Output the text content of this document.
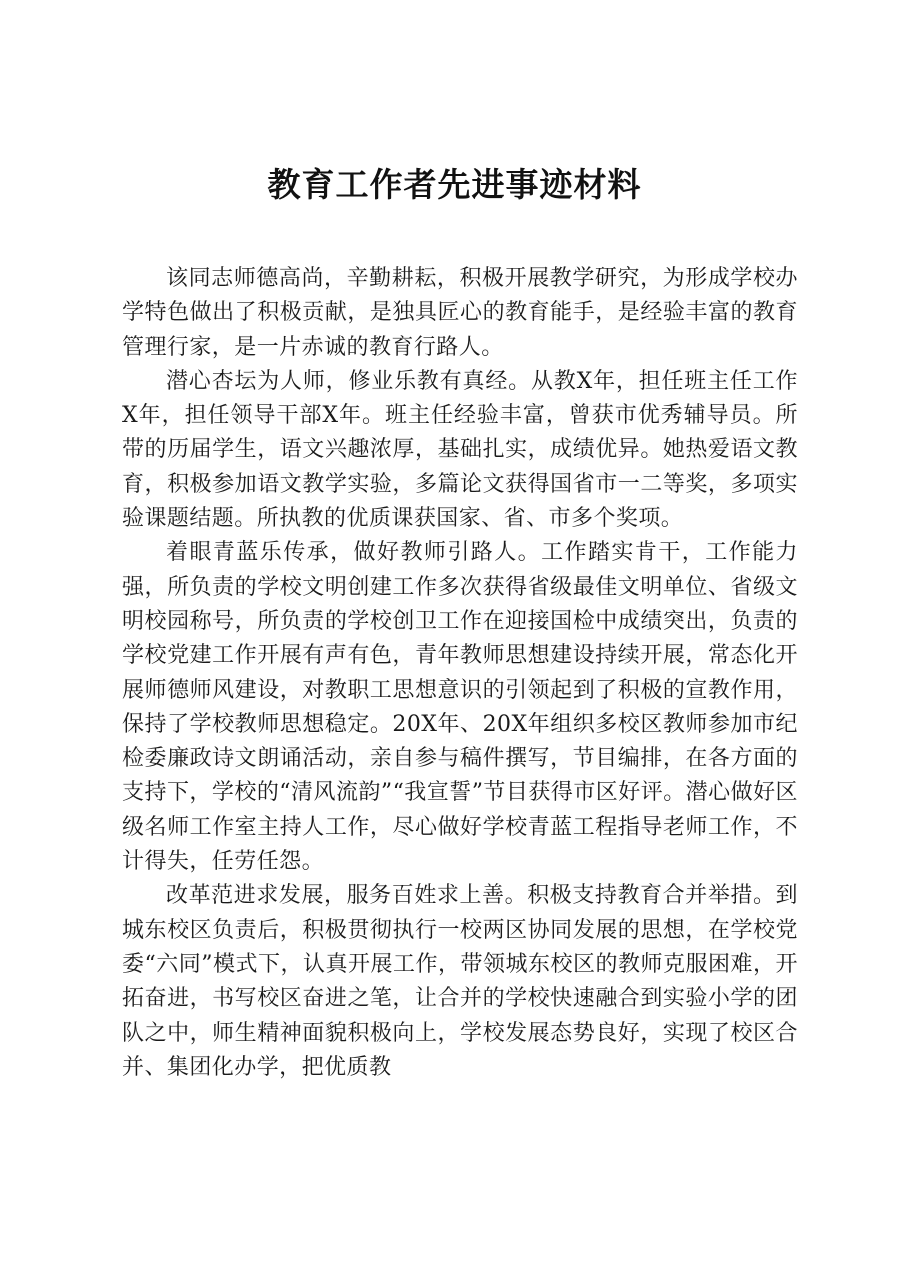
教育工作者先进事迹材料

该同志师德高尚，辛勤耕耘，积极开展教学研究，为形成学校办学特色做出了积极贡献，是独具匠心的教育能手，是经验丰富的教育管理行家，是一片赤诚的教育行路人。

潜心杏坛为人师，修业乐教有真经。从教X年，担任班主任工作X年，担任领导干部X年。班主任经验丰富，曾获市优秀辅导员。所带的历届学生，语文兴趣浓厚，基础扎实，成绩优异。她热爱语文教育，积极参加语文教学实验，多篇论文获得国省市一二等奖，多项实验课题结题。所执教的优质课获国家、省、市多个奖项。

着眼青蓝乐传承，做好教师引路人。工作踏实肯干，工作能力强，所负责的学校文明创建工作多次获得省级最佳文明单位、省级文明校园称号，所负责的学校创卫工作在迎接国检中成绩突出，负责的学校党建工作开展有声有色，青年教师思想建设持续开展，常态化开展师德师风建设，对教职工思想意识的引领起到了积极的宣教作用，保持了学校教师思想稳定。20X年、20X年组织多校区教师参加市纪检委廉政诗文朗诵活动，亲自参与稿件撰写，节目编排，在各方面的支持下，学校的“清风流韵”“我宣誓”节目获得市区好评。潜心做好区级名师工作室主持人工作，尽心做好学校青蓝工程指导老师工作，不计得失，任劳任怨。

改革范进求发展，服务百姓求上善。积极支持教育合并举措。到城东校区负责后，积极贯彻执行一校两区协同发展的思想，在学校党委“六同”模式下，认真开展工作，带领城东校区的教师克服困难，开拓奋进，书写校区奋进之笔，让合并的学校快速融合到实验小学的团队之中，师生精神面貌积极向上，学校发展态势良好，实现了校区合并、集团化办学，把优质教
